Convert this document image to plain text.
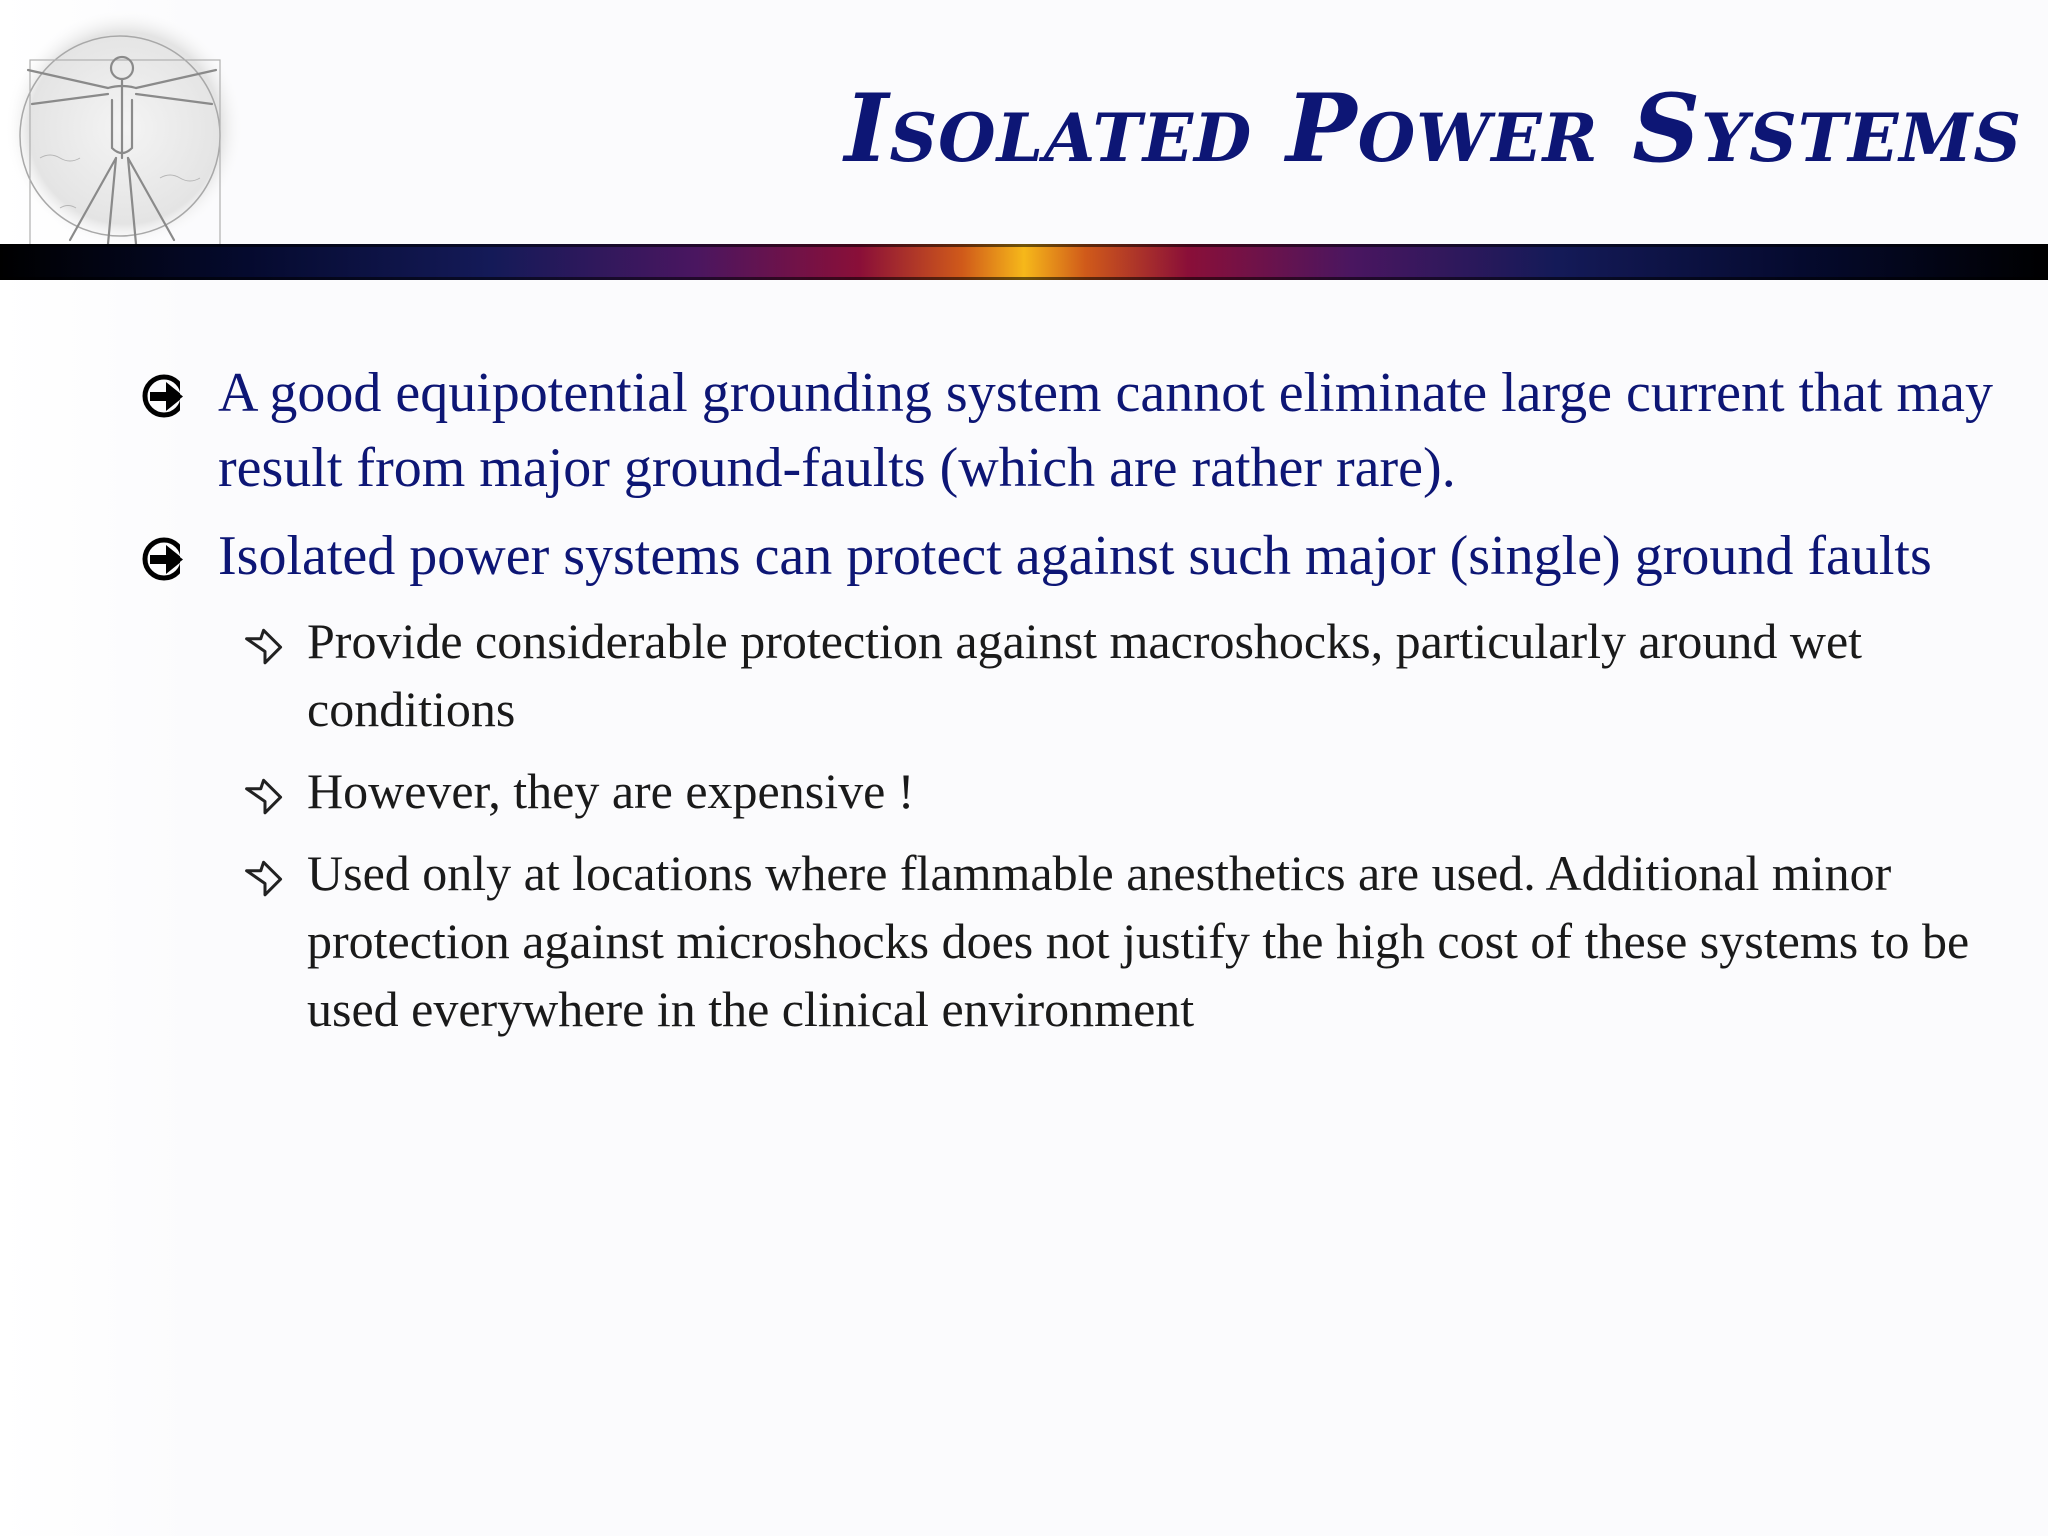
Isolated Power Systems
A good equipotential grounding system cannot eliminate large current that may result from major ground-faults (which are rather rare).
Isolated power systems can protect against such major (single) ground faults
Provide considerable protection against macroshocks, particularly around wet conditions
However, they are expensive !
Used only at locations where flammable anesthetics are used. Additional minor protection against microshocks does not justify the high cost of these systems to be used everywhere in the clinical environment
